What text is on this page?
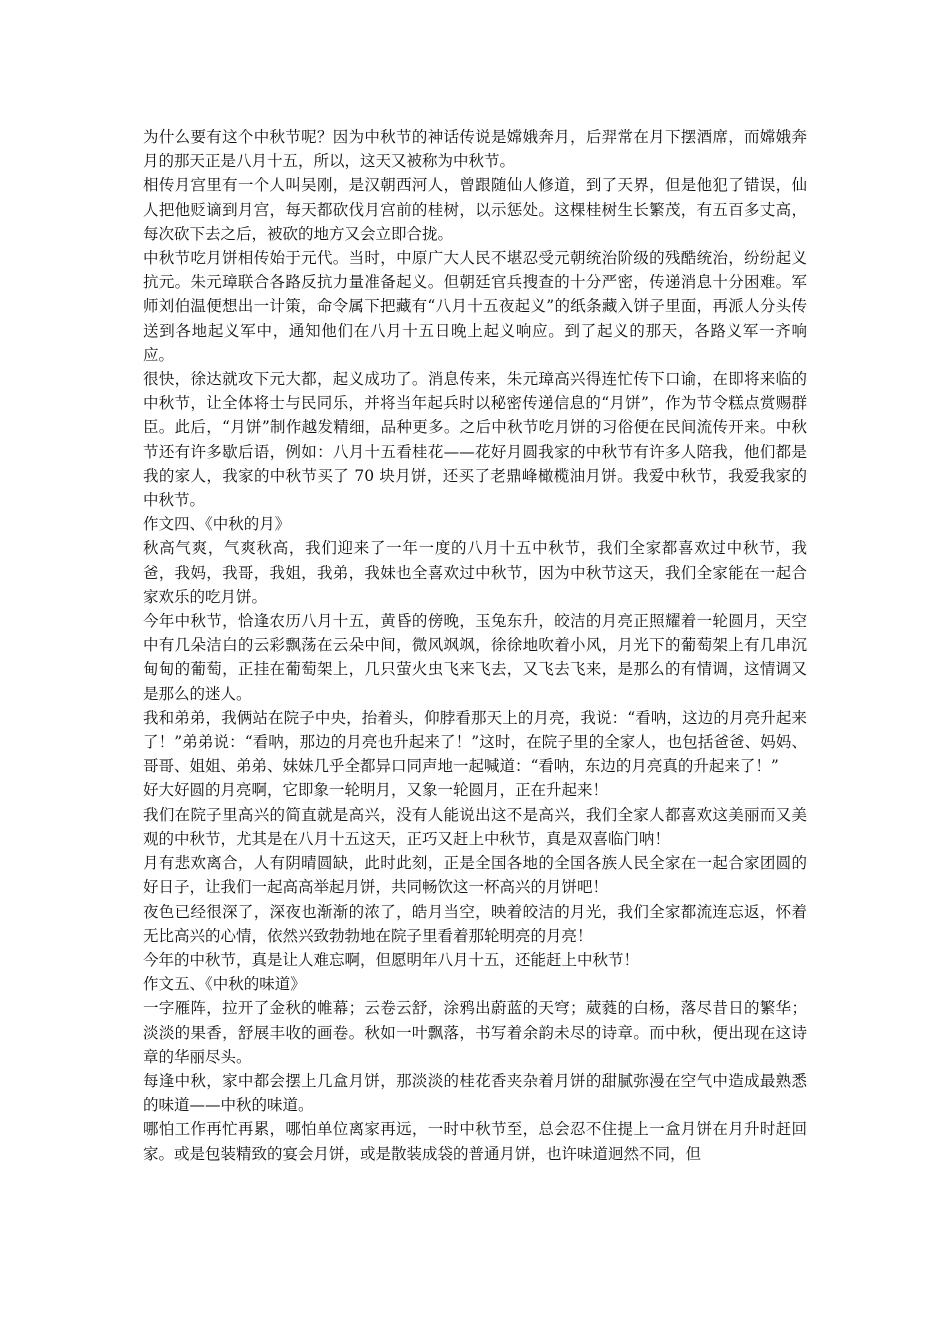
为什么要有这个中秋节呢？因为中秋节的神话传说是嫦娥奔月，后羿常在月下摆酒席，而嫦娥奔月的那天正是八月十五，所以，这天又被称为中秋节。

相传月宫里有一个人叫吴刚，是汉朝西河人，曾跟随仙人修道，到了天界，但是他犯了错误，仙人把他贬谪到月宫，每天都砍伐月宫前的桂树，以示惩处。这棵桂树生长繁茂，有五百多丈高，每次砍下去之后，被砍的地方又会立即合拢。

中秋节吃月饼相传始于元代。当时，中原广大人民不堪忍受元朝统治阶级的残酷统治，纷纷起义抗元。朱元璋联合各路反抗力量准备起义。但朝廷官兵搜查的十分严密，传递消息十分困难。军师刘伯温便想出一计策，命令属下把藏有“八月十五夜起义”的纸条藏入饼子里面，再派人分头传送到各地起义军中，通知他们在八月十五日晚上起义响应。到了起义的那天，各路义军一齐响应。

很快，徐达就攻下元大都，起义成功了。消息传来，朱元璋高兴得连忙传下口谕，在即将来临的中秋节，让全体将士与民同乐，并将当年起兵时以秘密传递信息的“月饼”，作为节令糕点赏赐群臣。此后，“月饼”制作越发精细，品种更多。之后中秋节吃月饼的习俗便在民间流传开来。中秋节还有许多歇后语，例如：八月十五看桂花——花好月圆我家的中秋节有许多人陪我，他们都是我的家人，我家的中秋节买了 70 块月饼，还买了老鼎峰橄榄油月饼。我爱中秋节，我爱我家的中秋节。

作文四、《中秋的月》

秋高气爽，气爽秋高，我们迎来了一年一度的八月十五中秋节，我们全家都喜欢过中秋节，我爸，我妈，我哥，我姐，我弟，我妹也全喜欢过中秋节，因为中秋节这天，我们全家能在一起合家欢乐的吃月饼。

今年中秋节，恰逢农历八月十五，黄昏的傍晚，玉兔东升，皎洁的月亮正照耀着一轮圆月，天空中有几朵洁白的云彩飘荡在云朵中间，微风飒飒，徐徐地吹着小风，月光下的葡萄架上有几串沉甸甸的葡萄，正挂在葡萄架上，几只萤火虫飞来飞去，又飞去飞来，是那么的有情调，这情调又是那么的迷人。

我和弟弟，我俩站在院子中央，抬着头，仰脖看那天上的月亮，我说：“看呐，这边的月亮升起来了！”弟弟说：“看呐，那边的月亮也升起来了！”这时，在院子里的全家人，也包括爸爸、妈妈、哥哥、姐姐、弟弟、妹妹几乎全都异口同声地一起喊道：“看呐，东边的月亮真的升起来了！”

好大好圆的月亮啊，它即象一轮明月，又象一轮圆月，正在升起来！

我们在院子里高兴的简直就是高兴，没有人能说出这不是高兴，我们全家人都喜欢这美丽而又美观的中秋节，尤其是在八月十五这天，正巧又赶上中秋节，真是双喜临门呐！

月有悲欢离合，人有阴晴圆缺，此时此刻，正是全国各地的全国各族人民全家在一起合家团圆的好日子，让我们一起高高举起月饼，共同畅饮这一杯高兴的月饼吧！

夜色已经很深了，深夜也渐渐的浓了，皓月当空，映着皎洁的月光，我们全家都流连忘返，怀着无比高兴的心情，依然兴致勃勃地在院子里看着那轮明亮的月亮！

今年的中秋节，真是让人难忘啊，但愿明年八月十五，还能赶上中秋节！

作文五、《中秋的味道》

一字雁阵，拉开了金秋的帷幕；云卷云舒，涂鸦出蔚蓝的天穹；葳蕤的白杨，落尽昔日的繁华；淡淡的果香，舒展丰收的画卷。秋如一叶飘落，书写着余韵未尽的诗章。而中秋，便出现在这诗章的华丽尽头。

每逢中秋，家中都会摆上几盒月饼，那淡淡的桂花香夹杂着月饼的甜腻弥漫在空气中造成最熟悉的味道——中秋的味道。

哪怕工作再忙再累，哪怕单位离家再远，一时中秋节至，总会忍不住提上一盒月饼在月升时赶回家。或是包装精致的宴会月饼，或是散装成袋的普通月饼，也许味道迥然不同，但
